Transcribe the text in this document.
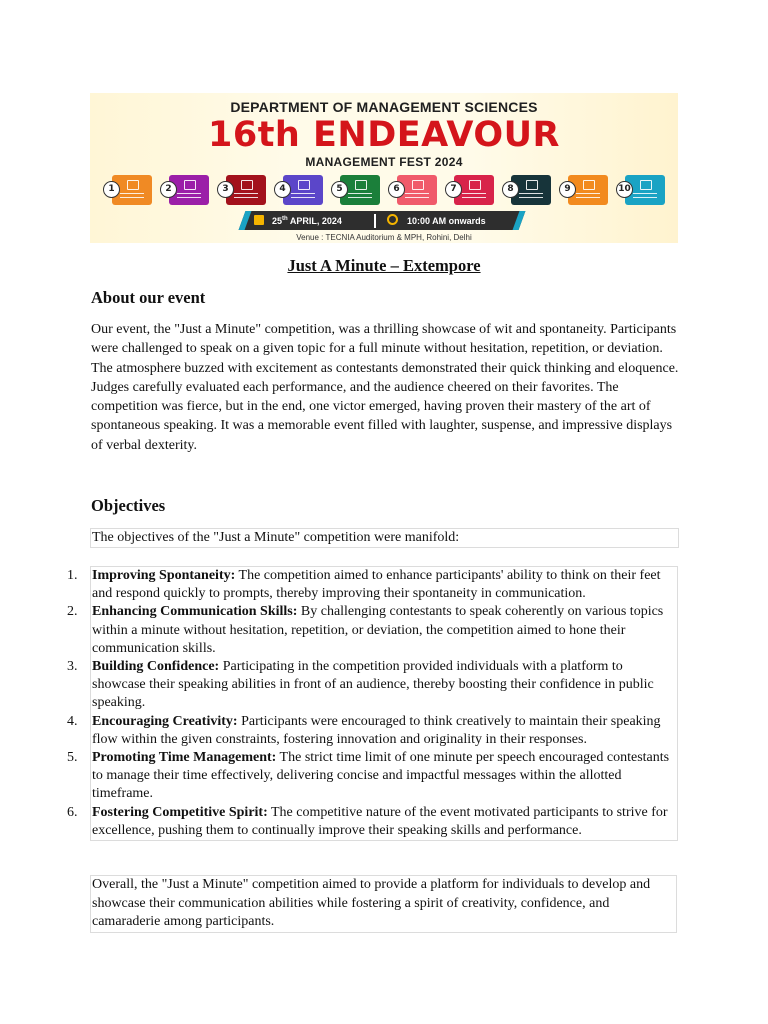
DEPARTMENT OF MANAGEMENT SCIENCES
16th ENDEAVOUR
MANAGEMENT FEST 2024
1	2	3	4	5	6	7	8	9	10
25th APRIL, 2024	10:00 AM onwards
Venue : TECNIA Auditorium & MPH, Rohini, Delhi
Just A Minute – Extempore
About our event

Our event, the "Just a Minute" competition, was a thrilling showcase of wit and spontaneity. Participants were challenged to speak on a given topic for a full minute without hesitation, repetition, or deviation. The atmosphere buzzed with excitement as contestants demonstrated their quick thinking and eloquence. Judges carefully evaluated each performance, and the audience cheered on their favorites. The competition was fierce, but in the end, one victor emerged, having proven their mastery of the art of spontaneous speaking. It was a memorable event filled with laughter, suspense, and impressive displays of verbal dexterity.

Objectives

The objectives of the "Just a Minute" competition were manifold:

1. Improving Spontaneity: The competition aimed to enhance participants' ability to think on their feet and respond quickly to prompts, thereby improving their spontaneity in communication.
2. Enhancing Communication Skills: By challenging contestants to speak coherently on various topics within a minute without hesitation, repetition, or deviation, the competition aimed to hone their communication skills.
3. Building Confidence: Participating in the competition provided individuals with a platform to showcase their speaking abilities in front of an audience, thereby boosting their confidence in public speaking.
4. Encouraging Creativity: Participants were encouraged to think creatively to maintain their speaking flow within the given constraints, fostering innovation and originality in their responses.
5. Promoting Time Management: The strict time limit of one minute per speech encouraged contestants to manage their time effectively, delivering concise and impactful messages within the allotted timeframe.
6. Fostering Competitive Spirit: The competitive nature of the event motivated participants to strive for excellence, pushing them to continually improve their speaking skills and performance.

Overall, the "Just a Minute" competition aimed to provide a platform for individuals to develop and showcase their communication abilities while fostering a spirit of creativity, confidence, and camaraderie among participants.
